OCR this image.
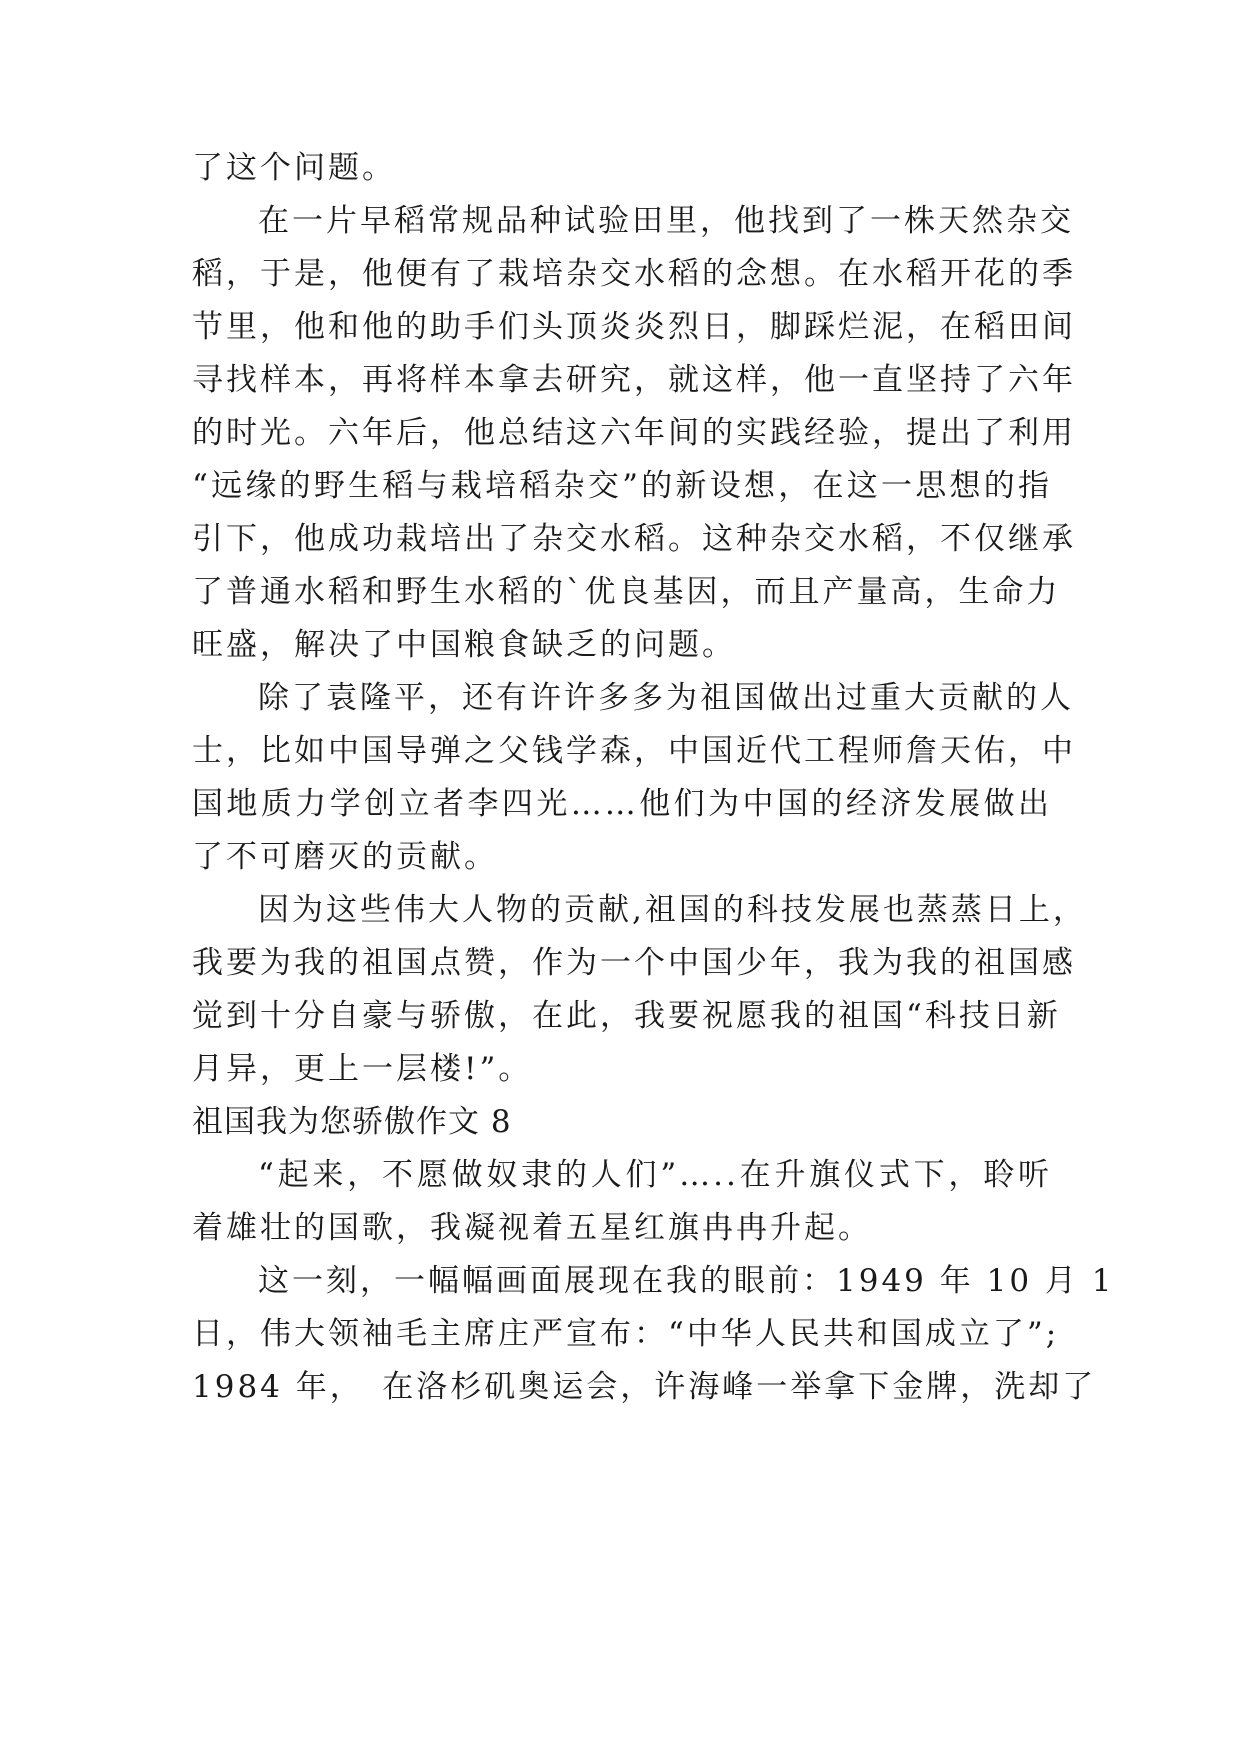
了这个问题。
在一片早稻常规品种试验田里，他找到了一株天然杂交
稻，于是，他便有了栽培杂交水稻的念想。在水稻开花的季
节里，他和他的助手们头顶炎炎烈日，脚踩烂泥，在稻田间
寻找样本，再将样本拿去研究，就这样，他一直坚持了六年
的时光。六年后，他总结这六年间的实践经验，提出了利用
“远缘的野生稻与栽培稻杂交”的新设想，在这一思想的指
引下，他成功栽培出了杂交水稻。这种杂交水稻，不仅继承
了普通水稻和野生水稻的`优良基因，而且产量高，生命力
旺盛，解决了中国粮食缺乏的问题。
除了袁隆平，还有许许多多为祖国做出过重大贡献的人
士，比如中国导弹之父钱学森，中国近代工程师詹天佑，中
国地质力学创立者李四光……他们为中国的经济发展做出
了不可磨灭的贡献。
因为这些伟大人物的贡献,祖国的科技发展也蒸蒸日上，
我要为我的祖国点赞，作为一个中国少年，我为我的祖国感
觉到十分自豪与骄傲，在此，我要祝愿我的祖国“科技日新
月异，更上一层楼!”。
祖国我为您骄傲作文 8
“起来，不愿做奴隶的人们”…..在升旗仪式下，聆听
着雄壮的国歌，我凝视着五星红旗冉冉升起。
这一刻，一幅幅画面展现在我的眼前：1949 年 10 月 1
日，伟大领袖毛主席庄严宣布：“中华人民共和国成立了”;
1984 年，　在洛杉矶奥运会，许海峰一举拿下金牌，洗却了
